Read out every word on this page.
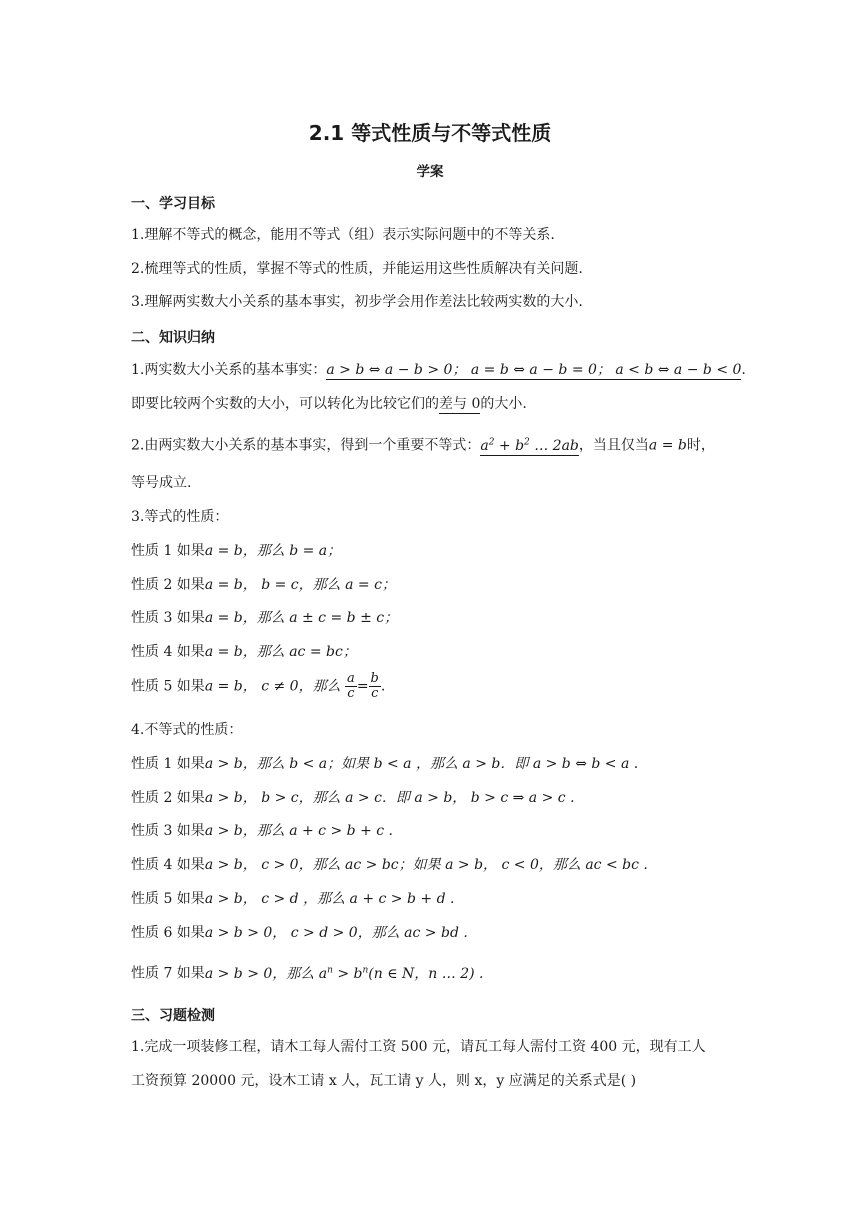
2.1 等式性质与不等式性质
学案
一、学习目标
1.理解不等式的概念，能用不等式（组）表示实际问题中的不等关系.
2.梳理等式的性质，掌握不等式的性质，并能运用这些性质解决有关问题.
3.理解两实数大小关系的基本事实，初步学会用作差法比较两实数的大小.
二、知识归纳
1.两实数大小关系的基本事实：a > b ⇔ a − b > 0； a = b ⇔ a − b = 0； a < b ⇔ a − b < 0.
即要比较两个实数的大小，可以转化为比较它们的差与 0的大小.
2.由两实数大小关系的基本事实，得到一个重要不等式：$a^2 + b^2$ … 2ab，当且仅当a = b时，
等号成立.
3.等式的性质：
性质 1 如果a = b，那么 b = a；
性质 2 如果a = b， b = c，那么 a = c；
性质 3 如果a = b，那么 a ± c = b ± c；
性质 4 如果a = b，那么 ac = bc；
性质 5 如果a = b， c ≠ 0，那么 $\frac{a}{c} = \frac{b}{c}$ .
4.不等式的性质：
性质 1 如果a > b，那么 b < a；如果 b < a ，那么 a > b．即 a > b ⇔ b < a .
性质 2 如果a > b， b > c，那么 a > c．即 a > b， b > c ⇒ a > c .
性质 3 如果a > b，那么 a + c > b + c .
性质 4 如果a > b， c > 0，那么 ac > bc；如果 a > b， c < 0，那么 ac < bc .
性质 5 如果a > b， c > d ，那么 a + c > b + d .
性质 6 如果a > b > 0， c > d > 0，那么 ac > bd .
性质 7 如果a > b > 0，那么 $a^n > b^n(n$ ∈ N，n … 2) .
三、习题检测
1.完成一项装修工程，请木工每人需付工资 500 元，请瓦工每人需付工资 400 元，现有工人
工资预算 20000 元，设木工请 x 人，瓦工请 y 人，则 x，y 应满足的关系式是( )
